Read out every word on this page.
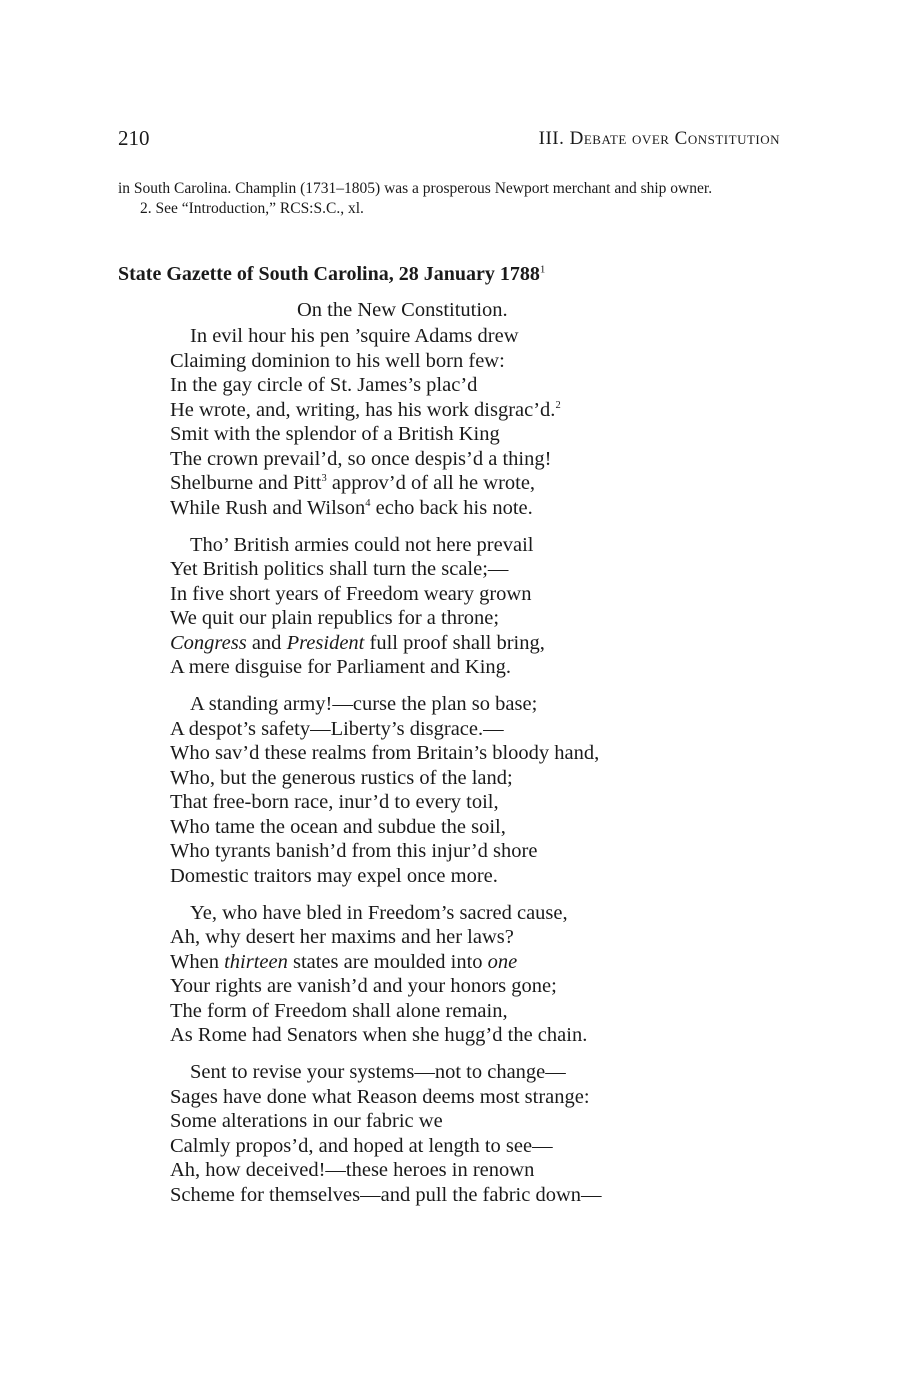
210	III. Debate over Constitution

in South Carolina. Champlin (1731–1805) was a prosperous Newport merchant and ship owner.

2. See “Introduction,” RCS:S.C., xl.

State Gazette of South Carolina, 28 January 1788$^1$
On the New Constitution.
In evil hour his pen ’squire Adams drew
Claiming dominion to his well born few:
In the gay circle of St. James’s plac’d
He wrote, and, writing, has his work disgrac’d.$^2$
Smit with the splendor of a British King
The crown prevail’d, so once despis’d a thing!
Shelburne and Pitt$^3$ approv’d of all he wrote,
While Rush and Wilson$^4$ echo back his note.
Tho’ British armies could not here prevail
Yet British politics shall turn the scale;—
In five short years of Freedom weary grown
We quit our plain republics for a throne;
Congress and President full proof shall bring,
A mere disguise for Parliament and King.
A standing army!—curse the plan so base;
A despot’s safety—Liberty’s disgrace.—
Who sav’d these realms from Britain’s bloody hand,
Who, but the generous rustics of the land;
That free-born race, inur’d to every toil,
Who tame the ocean and subdue the soil,
Who tyrants banish’d from this injur’d shore
Domestic traitors may expel once more.
Ye, who have bled in Freedom’s sacred cause,
Ah, why desert her maxims and her laws?
When thirteen states are moulded into one
Your rights are vanish’d and your honors gone;
The form of Freedom shall alone remain,
As Rome had Senators when she hugg’d the chain.
Sent to revise your systems—not to change—
Sages have done what Reason deems most strange:
Some alterations in our fabric we
Calmly propos’d, and hoped at length to see—
Ah, how deceived!—these heroes in renown
Scheme for themselves—and pull the fabric down—
